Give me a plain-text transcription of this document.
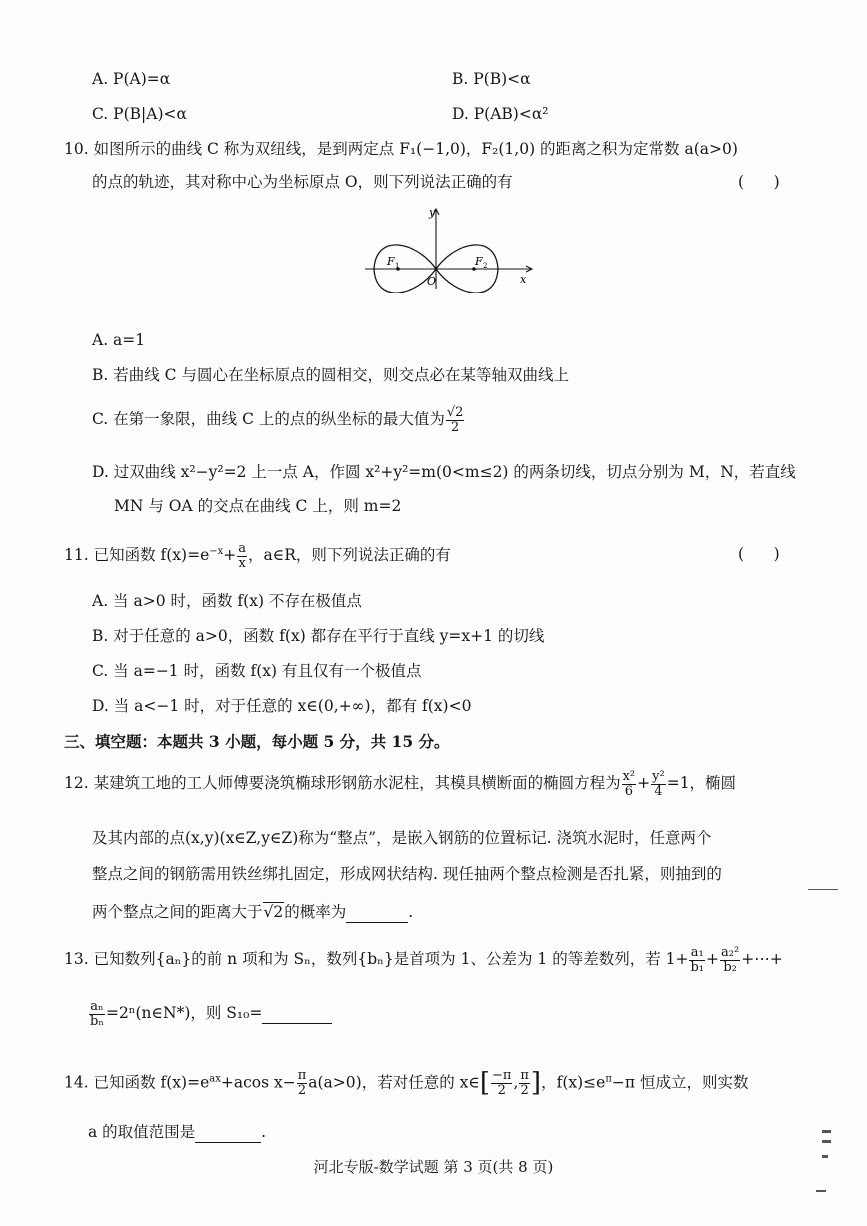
A. P(A)=α	B. P(B)<α
C. P(B|A)<α	D. P(AB)<α²
10. 如图所示的曲线 C 称为双纽线，是到两定点 F₁(−1,0)，F₂(1,0) 的距离之积为定常数 a(a>0)
的点的轨迹，其对称中心为坐标原点 O，则下列说法正确的有	(      )
y
x
O
F 1	F 2
A. a=1
B. 若曲线 C 与圆心在坐标原点的圆相交，则交点必在某等轴双曲线上
C. 在第一象限，曲线 C 上的点的纵坐标的最大值为 $\frac{√2}{2}$
D. 过双曲线 x²−y²=2 上一点 A，作圆 x²+y²=m(0<m≤2) 的两条切线，切点分别为 M，N，若直线
MN 与 OA 的交点在曲线 C 上，则 m=2
11. 已知函数 $f(x)=e^{-x}+ \frac{a}{x}$ ，a∈R，则下列说法正确的有	(      )
A. 当 a>0 时，函数 f(x) 不存在极值点
B. 对于任意的 a>0，函数 f(x) 都存在平行于直线 y=x+1 的切线
C. 当 a=−1 时，函数 f(x) 有且仅有一个极值点
D. 当 a<−1 时，对于任意的 x∈(0,+∞)，都有 f(x)<0
三、填空题：本题共 3 小题，每小题 5 分，共 15 分。
12. 某建筑工地的工人师傅要浇筑椭球形钢筋水泥柱，其模具横断面的椭圆方程为 $\frac{\text{x²}}{6} + \frac{\text{y²}}{4} =1$，椭圆
及其内部的点(x,y)(x∈Z,y∈Z)称为“整点”，是嵌入钢筋的位置标记. 浇筑水泥时，任意两个
整点之间的钢筋需用铁丝绑扎固定，形成网状结构. 现任抽两个整点检测是否扎紧，则抽到的
两个整点之间的距离大于√2的概率为	.
13. 已知数列{aₙ}的前 n 项和为 Sₙ，数列{bₙ}是首项为 1、公差为 1 的等差数列，若 $1+ \frac{\text{a₁}}{\text{b₁}} + \frac{\text{a₂²}}{\text{b₂}}$ +⋯+
$\frac{\text{aₙ}}{\text{bₙ}}$ =2ⁿ(n∈N*)，则 S₁₀=
14. 已知函数 $f(x)=e^{ax}+acos$ $x- \frac{\pi}{2} a(a>0)$，若对任意的 x∈[ $\frac{-\pi}{2}$ , $\frac{\pi}{2}$ ]，$f(x)\le e^\pi-\pi$ 恒成立，则实数
a 的取值范围是	.
河北专版-数学试题 第 3 页(共 8 页)
